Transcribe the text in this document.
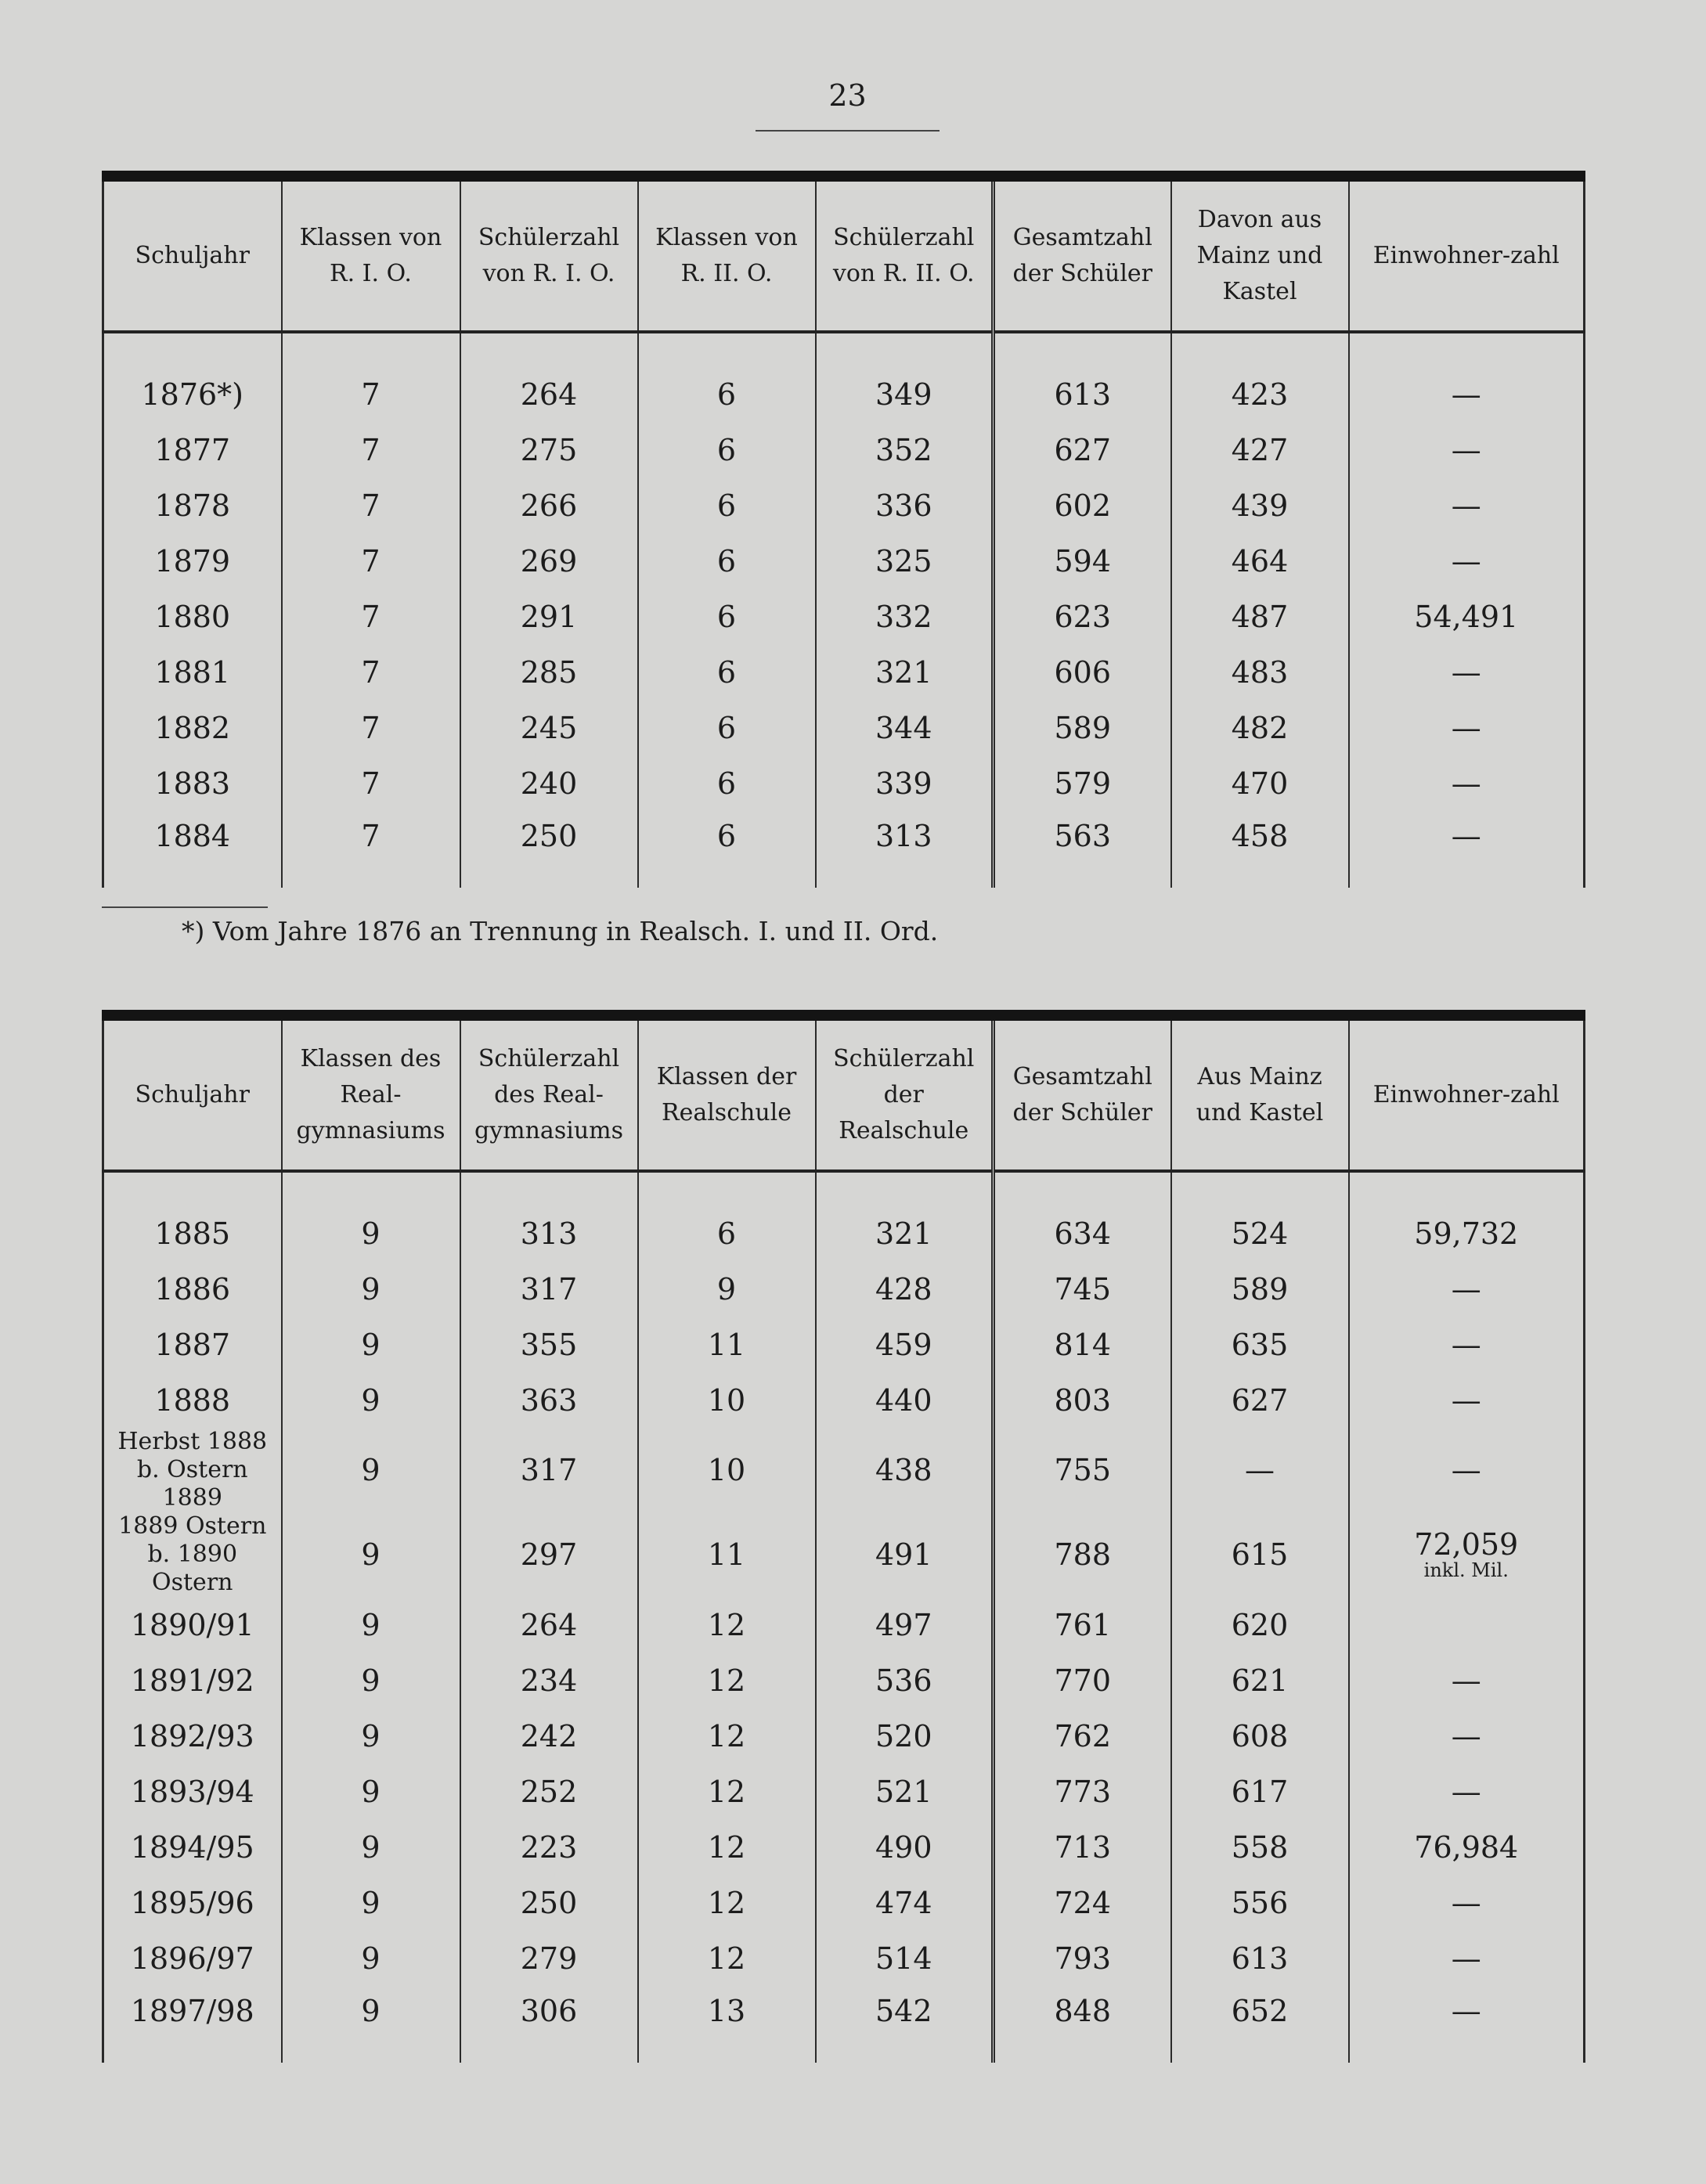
23
Schuljahr	Klassen von R. I. O.	Schülerzahl von R. I. O.	Klassen von R. II. O.	Schülerzahl von R. II. O.	Gesamtzahl der Schüler	Davon aus Mainz und Kastel	Einwohner-zahl

1876*)	7	264	6	349	613	423	—
1877	7	275	6	352	627	427	—
1878	7	266	6	336	602	439	—
1879	7	269	6	325	594	464	—
1880	7	291	6	332	623	487	54,491
1881	7	285	6	321	606	483	—
1882	7	245	6	344	589	482	—
1883	7	240	6	339	579	470	—
1884	7	250	6	313	563	458	—
*) Vom Jahre 1876 an Trennung in Realsch. I. und II. Ord.
Schuljahr	Klassen des Real-gymnasiums	Schülerzahl des Real-gymnasiums	Klassen der Realschule	Schülerzahl der Realschule	Gesamtzahl der Schüler	Aus Mainz und Kastel	Einwohner-zahl

1885	9	313	6	321	634	524	59,732
1886	9	317	9	428	745	589	—
1887	9	355	11	459	814	635	—
1888	9	363	10	440	803	627	—
Herbst 1888 b. Ostern 1889	9	317	10	438	755	—	—
1889 Ostern b. 1890 Ostern	9	297	11	491	788	615	72,059
inkl. Mil.

1890/91	9	264	12	497	761	620	
1891/92	9	234	12	536	770	621	—
1892/93	9	242	12	520	762	608	—
1893/94	9	252	12	521	773	617	—
1894/95	9	223	12	490	713	558	76,984
1895/96	9	250	12	474	724	556	—
1896/97	9	279	12	514	793	613	—
1897/98	9	306	13	542	848	652	—
